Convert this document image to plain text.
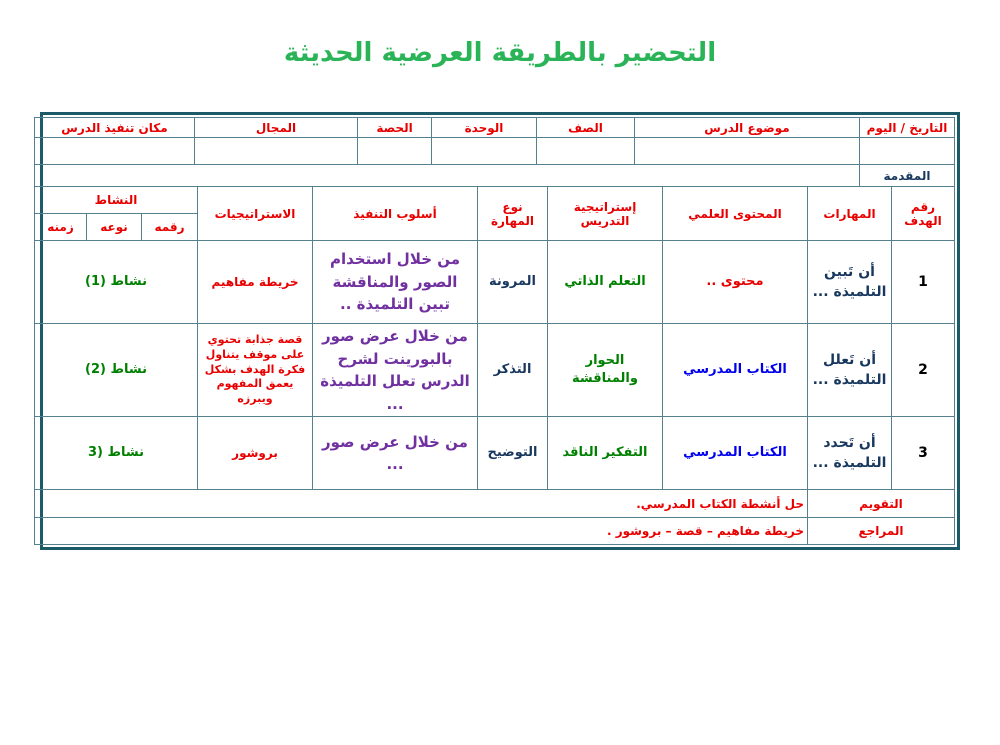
التحضير بالطريقة العرضية الحديثة
التاريخ / اليوم	موضوع الدرس	الصف	الوحدة	الحصة	المجال	مكان تنفيذ الدرس

المقدمة						
رقم الهدف	المهارات	المحتوى العلمي	إستراتيجية التدريس	نوع المهارة	أسلوب التنفيذ	الاستراتيجيات	النشاط		
							رقمه	نوعه	زمنه
1	أن تَبين التلميذة ...	محتوى ..	التعلم الذاتي	المرونة	من خلال استخدام الصور والمناقشة تبين التلميذة ..	خريطة مفاهيم	نشاط (1)		
2	أن تَعلل التلميذة ...	الكتاب المدرسي	الحوار والمناقشة	التذكر	من خلال عرض صور بالبورينت لشرح الدرس تعلل التلميذة ...	قصة جذابة تحتوي على موقف يتناول فكرة الهدف بشكل يعمق المفهوم ويبرزه	نشاط (2)		
3	أن تَحدد التلميذة ...	الكتاب المدرسي	التفكير الناقد	التوضيح	من خلال عرض صور ...	بروشور	نشاط (3		
التقويم	حل أنشطة الكتاب المدرسي.
المراجع	خريطة مفاهيم – قصة – بروشور .
